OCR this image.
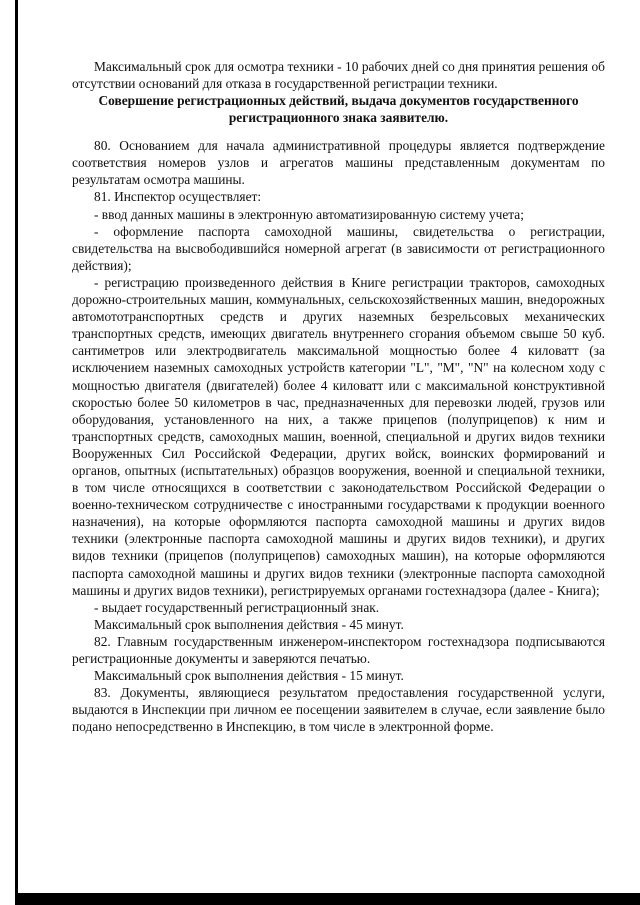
Максимальный срок для осмотра техники - 10 рабочих дней со дня принятия решения об отсутствии оснований для отказа в государственной регистрации техники.

Совершение регистрационных действий, выдача документов государственного регистрационного знака заявителю.

80. Основанием для начала административной процедуры является подтверждение соответствия номеров узлов и агрегатов машины представленным документам по результатам осмотра машины.

81. Инспектор осуществляет:

- ввод данных машины в электронную автоматизированную систему учета;

- оформление паспорта самоходной машины, свидетельства о регистрации, свидетельства на высвободившийся номерной агрегат (в зависимости от регистрационного действия);

- регистрацию произведенного действия в Книге регистрации тракторов, самоходных дорожно-строительных машин, коммунальных, сельскохозяйственных машин, внедорожных автомототранспортных средств и других наземных безрельсовых механических транспортных средств, имеющих двигатель внутреннего сгорания объемом свыше 50 куб. сантиметров или электродвигатель максимальной мощностью более 4 киловатт (за исключением наземных самоходных устройств категории "L", "M", "N" на колесном ходу с мощностью двигателя (двигателей) более 4 киловатт или с максимальной конструктивной скоростью более 50 километров в час, предназначенных для перевозки людей, грузов или оборудования, установленного на них, а также прицепов (полуприцепов) к ним и транспортных средств, самоходных машин, военной, специальной и других видов техники Вооруженных Сил Российской Федерации, других войск, воинских формирований и органов, опытных (испытательных) образцов вооружения, военной и специальной техники, в том числе относящихся в соответствии с законодательством Российской Федерации о военно-техническом сотрудничестве с иностранными государствами к продукции военного назначения), на которые оформляются паспорта самоходной машины и других видов техники (электронные паспорта самоходной машины и других видов техники), и других видов техники (прицепов (полуприцепов) самоходных машин), на которые оформляются паспорта самоходной машины и других видов техники (электронные паспорта самоходной машины и других видов техники), регистрируемых органами гостехнадзора (далее - Книга);

- выдает государственный регистрационный знак.

Максимальный срок выполнения действия - 45 минут.

82. Главным государственным инженером-инспектором гостехнадзора подписываются регистрационные документы и заверяются печатью.

Максимальный срок выполнения действия - 15 минут.

83. Документы, являющиеся результатом предоставления государственной услуги, выдаются в Инспекции при личном ее посещении заявителем в случае, если заявление было подано непосредственно в Инспекцию, в том числе в электронной форме.
